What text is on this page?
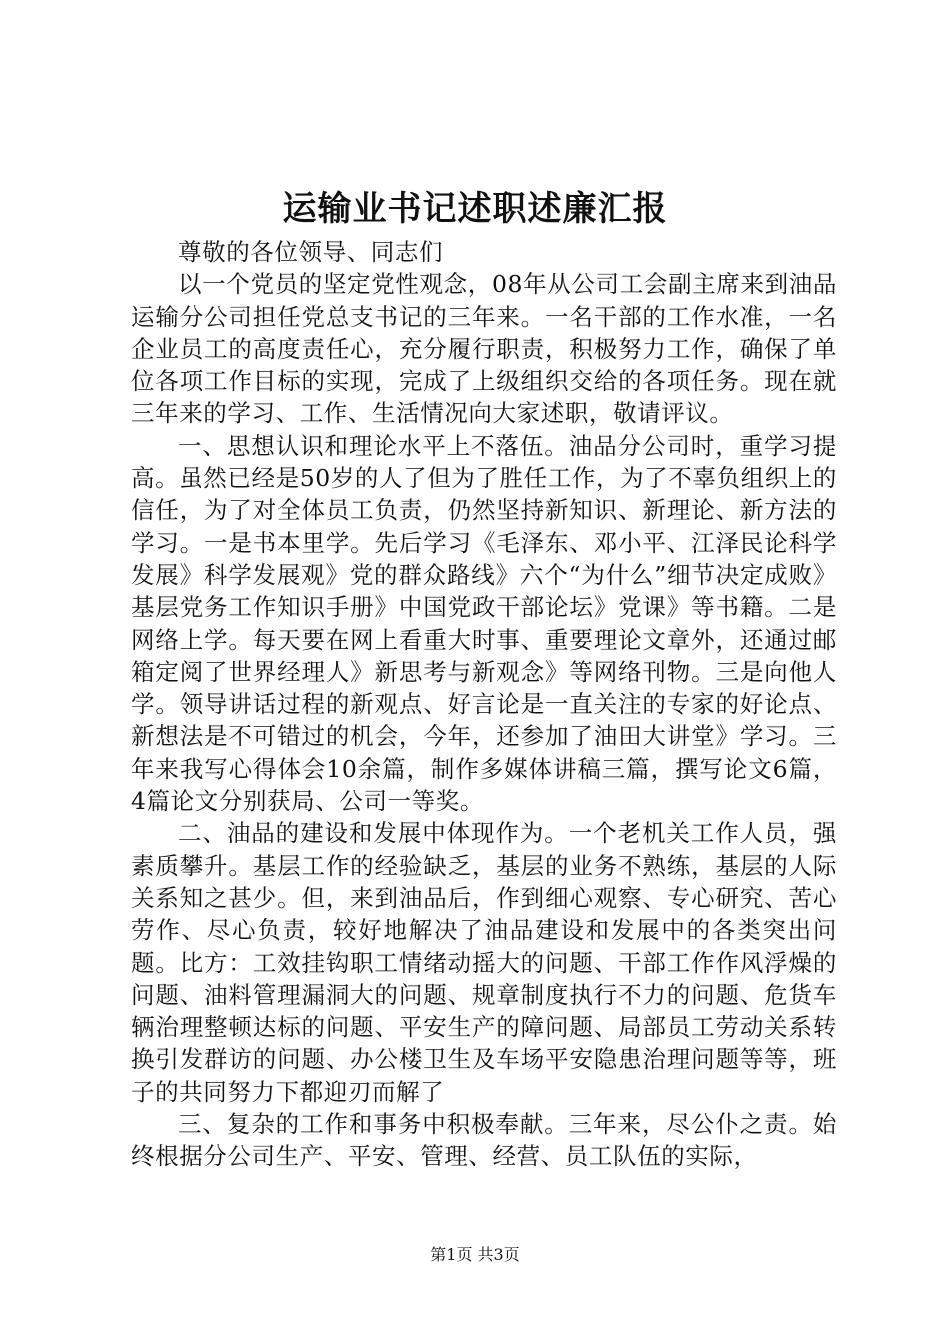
运输业书记述职述廉汇报

尊敬的各位领导、同志们

以一个党员的坚定党性观念，08年从公司工会副主席来到油品运输分公司担任党总支书记的三年来。一名干部的工作水准，一名企业员工的高度责任心，充分履行职责，积极努力工作，确保了单位各项工作目标的实现，完成了上级组织交给的各项任务。现在就三年来的学习、工作、生活情况向大家述职，敬请评议。

一、思想认识和理论水平上不落伍。油品分公司时，重学习提高。虽然已经是50岁的人了但为了胜任工作，为了不辜负组织上的信任，为了对全体员工负责，仍然坚持新知识、新理论、新方法的学习。一是书本里学。先后学习《毛泽东、邓小平、江泽民论科学发展》科学发展观》党的群众路线》六个“为什么”细节决定成败》基层党务工作知识手册》中国党政干部论坛》党课》等书籍。二是网络上学。每天要在网上看重大时事、重要理论文章外，还通过邮箱定阅了世界经理人》新思考与新观念》等网络刊物。三是向他人学。领导讲话过程的新观点、好言论是一直关注的专家的好论点、新想法是不可错过的机会，今年，还参加了油田大讲堂》学习。三年来我写心得体会10余篇，制作多媒体讲稿三篇，撰写论文6篇，4篇论文分别获局、公司一等奖。

二、油品的建设和发展中体现作为。一个老机关工作人员，强素质攀升。基层工作的经验缺乏，基层的业务不熟练，基层的人际关系知之甚少。但，来到油品后，作到细心观察、专心研究、苦心劳作、尽心负责，较好地解决了油品建设和发展中的各类突出问题。比方：工效挂钩职工情绪动摇大的问题、干部工作作风浮燥的问题、油料管理漏洞大的问题、规章制度执行不力的问题、危货车辆治理整顿达标的问题、平安生产的障问题、局部员工劳动关系转换引发群访的问题、办公楼卫生及车场平安隐患治理问题等等，班子的共同努力下都迎刃而解了

三、复杂的工作和事务中积极奉献。三年来，尽公仆之责。始终根据分公司生产、平安、管理、经营、员工队伍的实际，

第1页 共3页
